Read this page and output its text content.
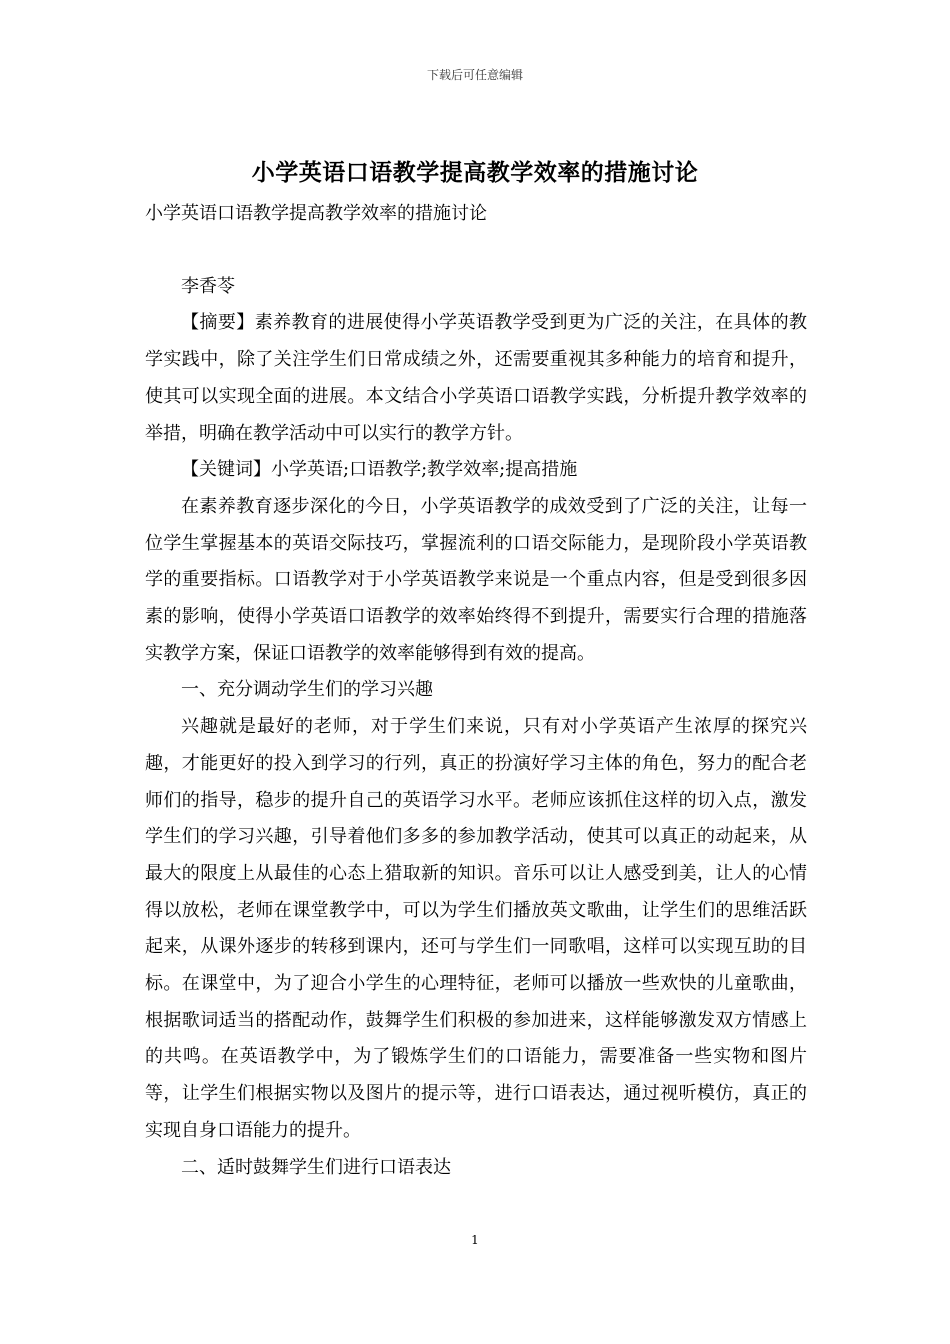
下载后可任意编辑
小学英语口语教学提高教学效率的措施讨论

小学英语口语教学提高教学效率的措施讨论

李香苓

【摘要】素养教育的进展使得小学英语教学受到更为广泛的关注，在具体的教学实践中，除了关注学生们日常成绩之外，还需要重视其多种能力的培育和提升，使其可以实现全面的进展。本文结合小学英语口语教学实践，分析提升教学效率的举措，明确在教学活动中可以实行的教学方针。

【关键词】小学英语;口语教学;教学效率;提高措施

在素养教育逐步深化的今日，小学英语教学的成效受到了广泛的关注，让每一位学生掌握基本的英语交际技巧，掌握流利的口语交际能力，是现阶段小学英语教学的重要指标。口语教学对于小学英语教学来说是一个重点内容，但是受到很多因素的影响，使得小学英语口语教学的效率始终得不到提升，需要实行合理的措施落实教学方案，保证口语教学的效率能够得到有效的提高。

一、充分调动学生们的学习兴趣

兴趣就是最好的老师，对于学生们来说，只有对小学英语产生浓厚的探究兴趣，才能更好的投入到学习的行列，真正的扮演好学习主体的角色，努力的配合老师们的指导，稳步的提升自己的英语学习水平。老师应该抓住这样的切入点，激发学生们的学习兴趣，引导着他们多多的参加教学活动，使其可以真正的动起来，从最大的限度上从最佳的心态上猎取新的知识。音乐可以让人感受到美，让人的心情得以放松，老师在课堂教学中，可以为学生们播放英文歌曲，让学生们的思维活跃起来，从课外逐步的转移到课内，还可与学生们一同歌唱，这样可以实现互助的目标。在课堂中，为了迎合小学生的心理特征，老师可以播放一些欢快的儿童歌曲，根据歌词适当的搭配动作，鼓舞学生们积极的参加进来，这样能够激发双方情感上的共鸣。在英语教学中，为了锻炼学生们的口语能力，需要准备一些实物和图片等，让学生们根据实物以及图片的提示等，进行口语表达，通过视听模仿，真正的实现自身口语能力的提升。

二、适时鼓舞学生们进行口语表达

1
